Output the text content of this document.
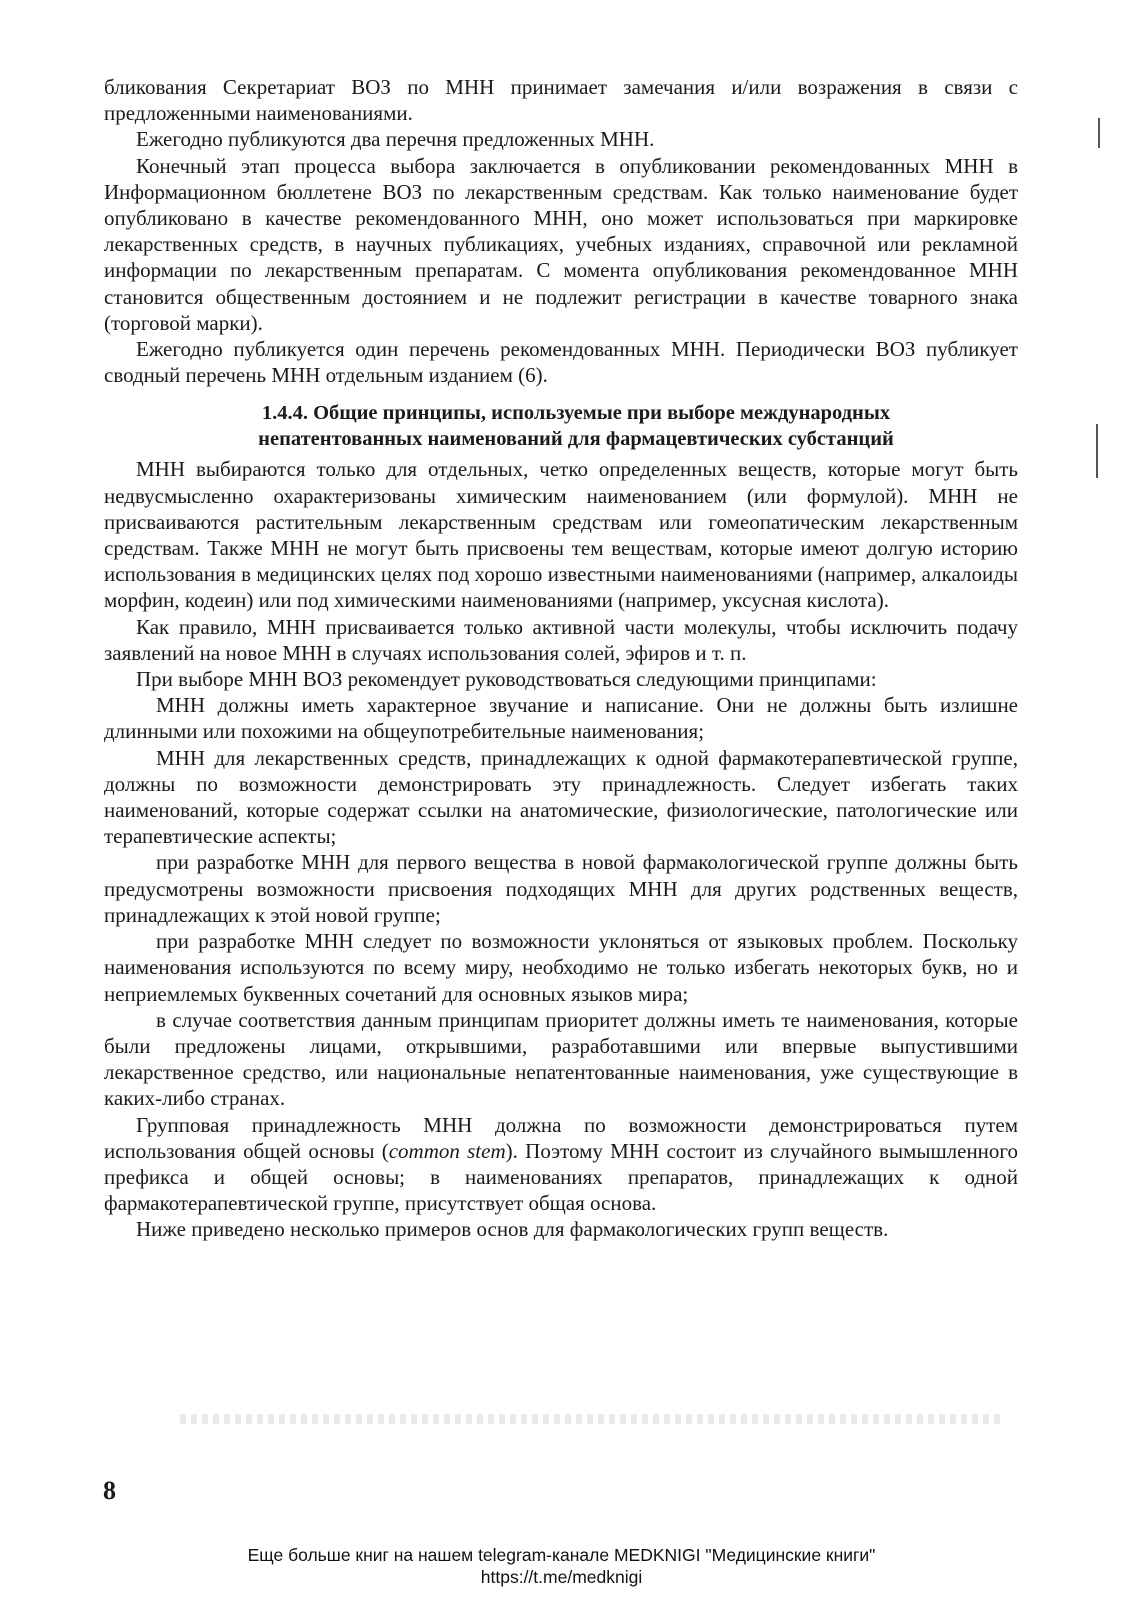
бликования Секретариат ВОЗ по МНН принимает замечания и/или возражения в связи с предложенными наименованиями.

Ежегодно публикуются два перечня предложенных МНН.

Конечный этап процесса выбора заключается в опубликовании рекомендованных МНН в Информационном бюллетене ВОЗ по лекарственным средствам. Как только наименование будет опубликовано в качестве рекомендованного МНН, оно может использоваться при маркировке лекарственных средств, в научных публикациях, учебных изданиях, справочной или рекламной информации по лекарственным препаратам. С момента опубликования рекомендованное МНН становится общественным достоянием и не подлежит регистрации в качестве товарного знака (торговой марки).

Ежегодно публикуется один перечень рекомендованных МНН. Периодически ВОЗ публикует сводный перечень МНН отдельным изданием (6).

1.4.4. Общие принципы, используемые при выборе международных
непатентованных наименований для фармацевтических субстанций

МНН выбираются только для отдельных, четко определенных веществ, которые могут быть недвусмысленно охарактеризованы химическим наименованием (или формулой). МНН не присваиваются растительным лекарственным средствам или гомеопатическим лекарственным средствам. Также МНН не могут быть присвоены тем веществам, которые имеют долгую историю использования в медицинских целях под хорошо известными наименованиями (например, алкалоиды морфин, кодеин) или под химическими наименованиями (например, уксусная кислота).

Как правило, МНН присваивается только активной части молекулы, чтобы исключить подачу заявлений на новое МНН в случаях использования солей, эфиров и т. п.

При выборе МНН ВОЗ рекомендует руководствоваться следующими принципами:

МНН должны иметь характерное звучание и написание. Они не должны быть излишне длинными или похожими на общеупотребительные наименования;

МНН для лекарственных средств, принадлежащих к одной фармакотерапевтической группе, должны по возможности демонстрировать эту принадлежность. Следует избегать таких наименований, которые содержат ссылки на анатомические, физиологические, патологические или терапевтические аспекты;

при разработке МНН для первого вещества в новой фармакологической группе должны быть предусмотрены возможности присвоения подходящих МНН для других родственных веществ, принадлежащих к этой новой группе;

при разработке МНН следует по возможности уклоняться от языковых проблем. Поскольку наименования используются по всему миру, необходимо не только избегать некоторых букв, но и неприемлемых буквенных сочетаний для основных языков мира;

в случае соответствия данным принципам приоритет должны иметь те наименования, которые были предложены лицами, открывшими, разработавшими или впервые выпустившими лекарственное средство, или национальные непатентованные наименования, уже существующие в каких-либо странах.

Групповая принадлежность МНН должна по возможности демонстрироваться путем использования общей основы (common stem). Поэтому МНН состоит из случайного вымышленного префикса и общей основы; в наименованиях препаратов, принадлежащих к одной фармакотерапевтической группе, присутствует общая основа.

Ниже приведено несколько примеров основ для фармакологических групп веществ.

8
Еще больше книг на нашем telegram-канале MEDKNIGI "Медицинские книги"
https://t.me/medknigi
